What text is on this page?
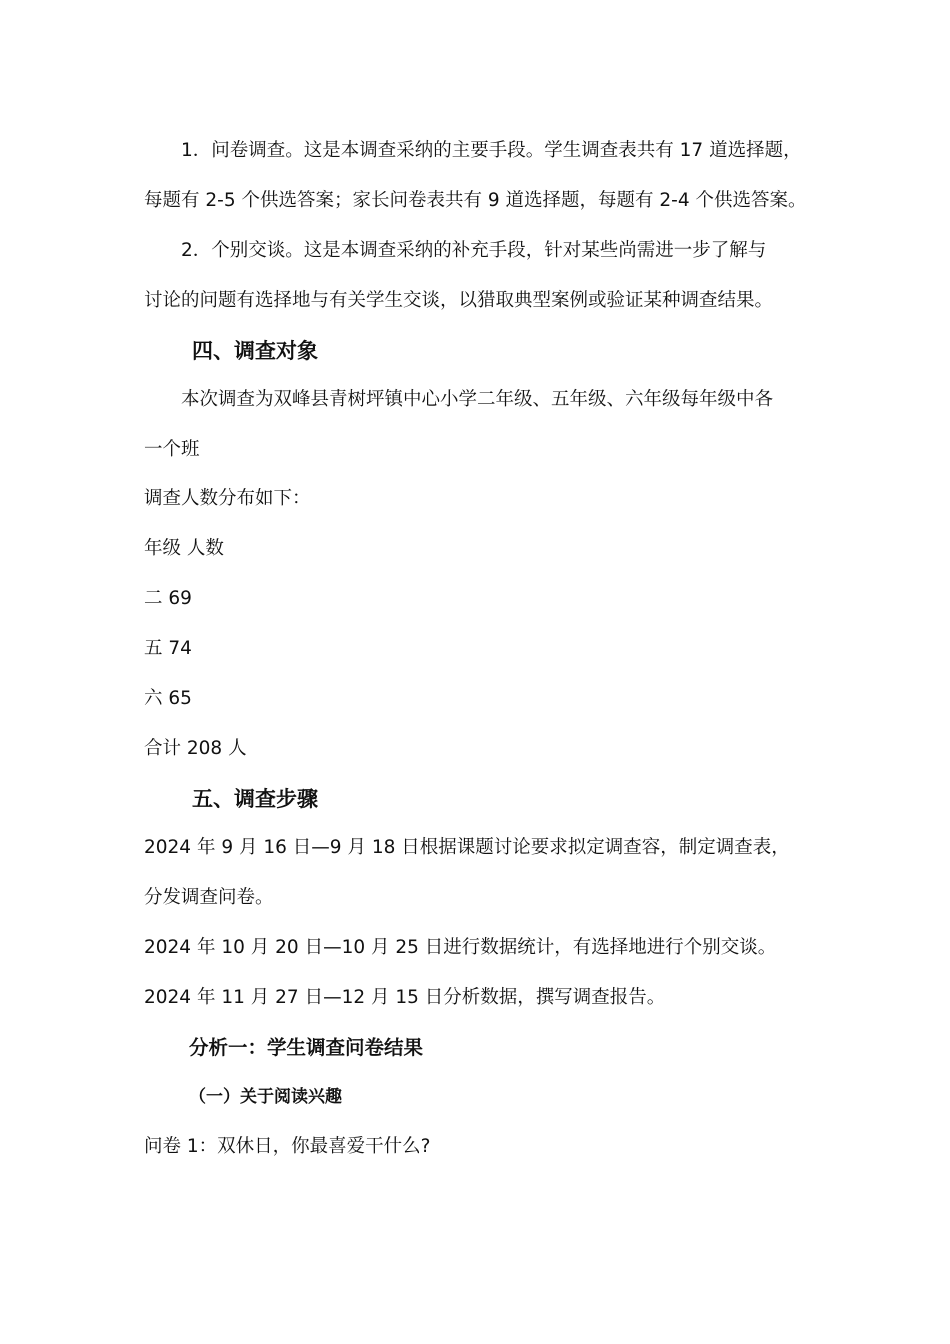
1．问卷调查。这是本调查采纳的主要手段。学生调查表共有 17 道选择题，
每题有 2-5 个供选答案；家长问卷表共有 9 道选择题，每题有 2-4 个供选答案。
2．个别交谈。这是本调查采纳的补充手段，针对某些尚需进一步了解与
讨论的问题有选择地与有关学生交谈，以猎取典型案例或验证某种调查结果。
四、调查对象
本次调查为双峰县青树坪镇中心小学二年级、五年级、六年级每年级中各
一个班
调查人数分布如下：
年级 人数
二 69
五 74
六 65
合计 208 人
五、调查步骤
2024 年 9 月 16 日—9 月 18 日根据课题讨论要求拟定调查容，制定调查表，
分发调查问卷。
2024 年 10 月 20 日—10 月 25 日进行数据统计，有选择地进行个别交谈。
2024 年 11 月 27 日—12 月 15 日分析数据，撰写调查报告。
分析一：学生调查问卷结果
（一）关于阅读兴趣
问卷 1：双休日，你最喜爱干什么?
